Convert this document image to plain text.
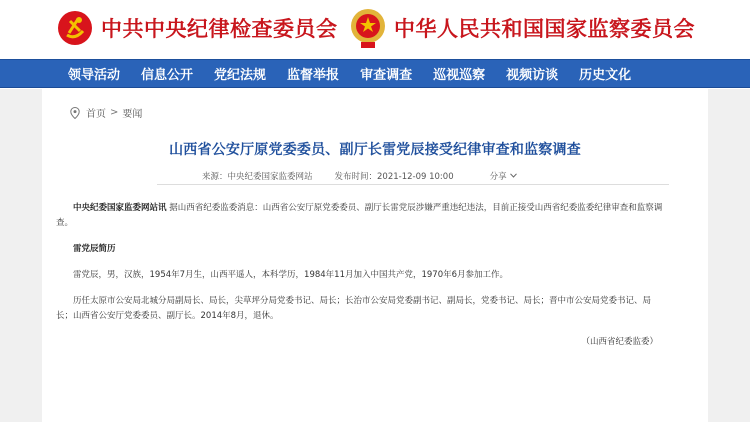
中共中央纪律检查委员会	中华人民共和国国家监察委员会
领导活动 信息公开 党纪法规 监督举报 审查调查 巡视巡察 视频访谈 历史文化
首页 > 要闻
山西省公安厅原党委委员、副厅长雷党辰接受纪律审查和监察调查
来源：中央纪委国家监委网站	发布时间：2021-12-09 10:00	分享

中央纪委国家监委网站讯 据山西省纪委监委消息：山西省公安厅原党委委员、副厅长雷党辰涉嫌严重违纪违法，目前正接受山西省纪委监委纪律审查和监察调查。

雷党辰简历

雷党辰，男，汉族，1954年7月生，山西平遥人，本科学历，1984年11月加入中国共产党，1970年6月参加工作。

历任太原市公安局北城分局副局长、局长，尖草坪分局党委书记、局长；长治市公安局党委副书记、副局长，党委书记、局长；晋中市公安局党委书记、局长；山西省公安厅党委委员、副厅长。2014年8月，退休。

（山西省纪委监委）
